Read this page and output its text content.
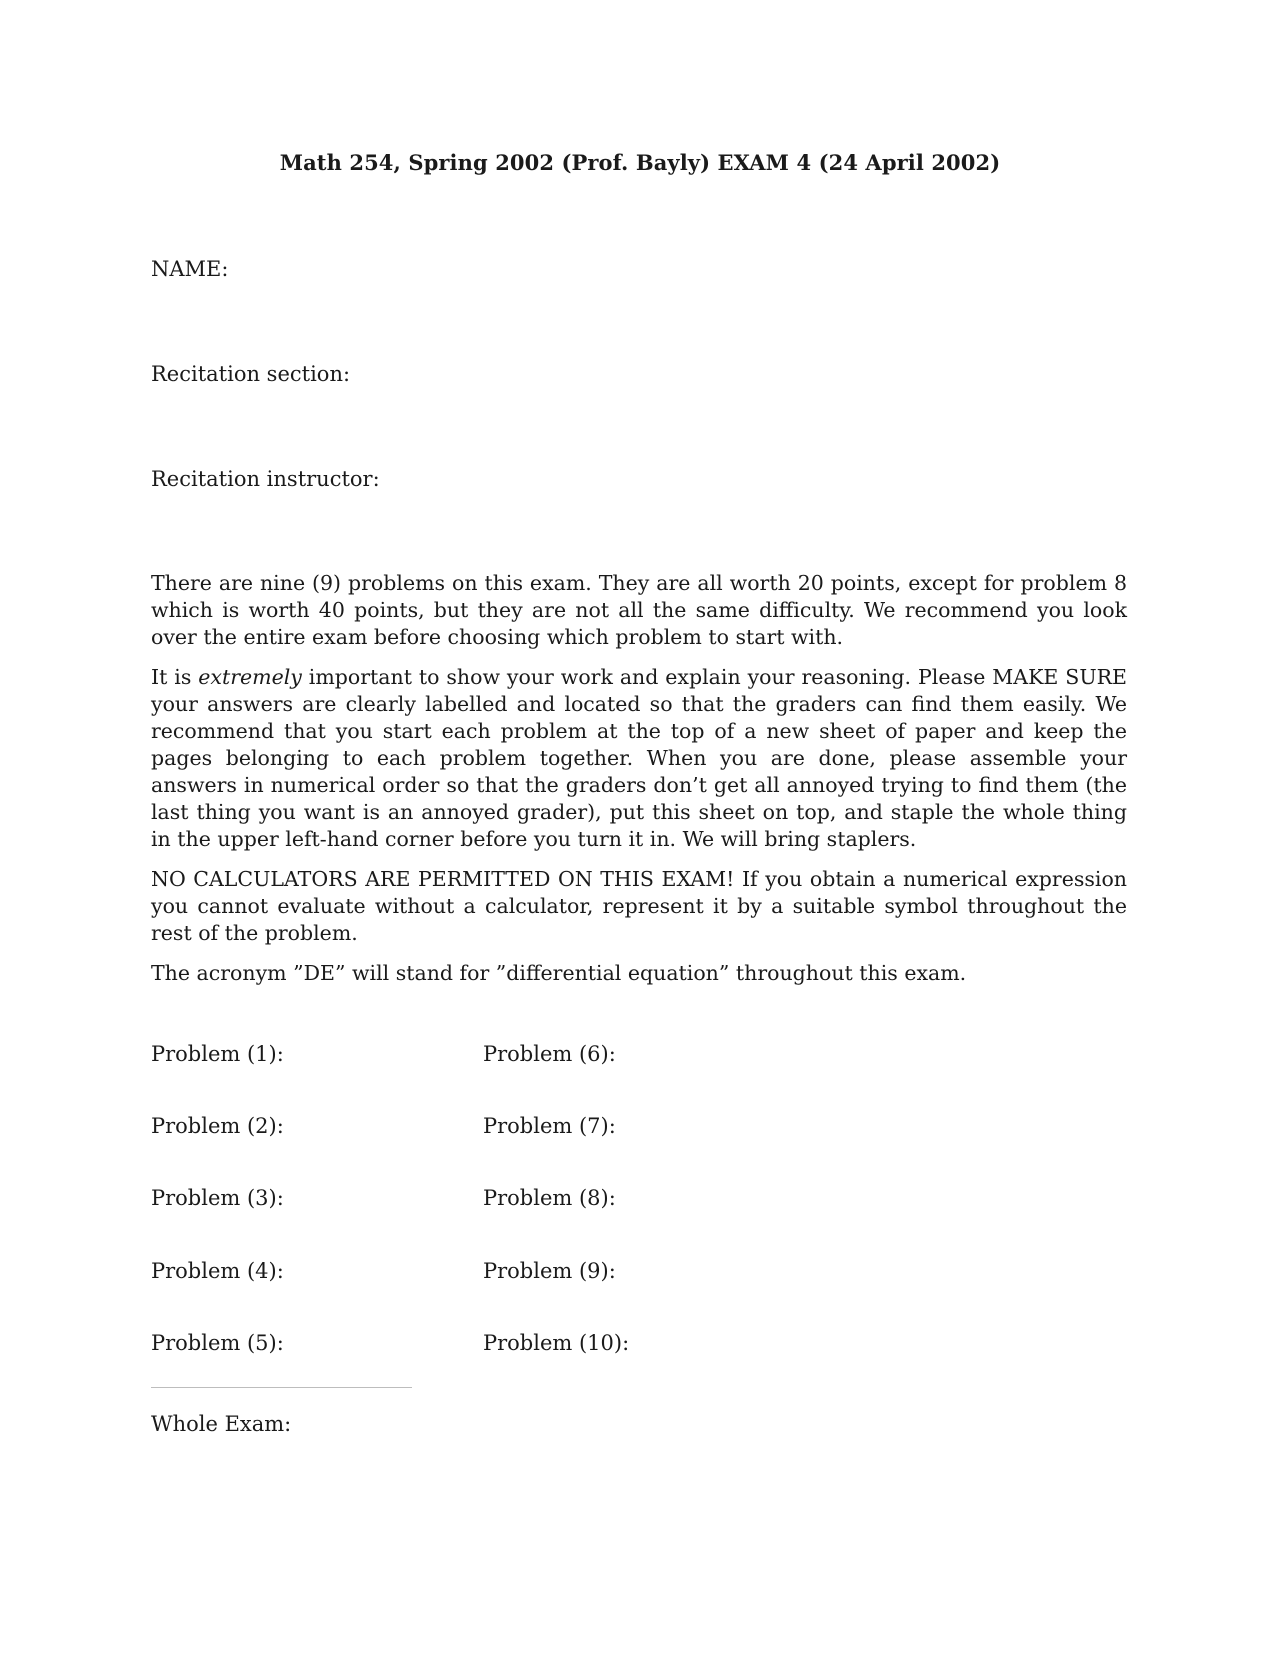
Math 254, Spring 2002 (Prof. Bayly) EXAM 4 (24 April 2002)
NAME:
Recitation section:
Recitation instructor:

There are nine (9) problems on this exam. They are all worth 20 points, except for problem 8 which is worth 40 points, but they are not all the same difficulty. We recommend you look over the entire exam before choosing which problem to start with.

It is extremely important to show your work and explain your reasoning. Please MAKE SURE your answers are clearly labelled and located so that the graders can find them easily. We recommend that you start each problem at the top of a new sheet of paper and keep the pages belonging to each problem together. When you are done, please assemble your answers in numerical order so that the graders don’t get all annoyed trying to find them (the last thing you want is an annoyed grader), put this sheet on top, and staple the whole thing in the upper left-hand corner before you turn it in. We will bring staplers.

NO CALCULATORS ARE PERMITTED ON THIS EXAM! If you obtain a numerical expression you cannot evaluate without a calculator, represent it by a suitable symbol throughout the rest of the problem.

The acronym ”DE” will stand for ”differential equation” throughout this exam.

Problem (1):
Problem (2):
Problem (3):
Problem (4):
Problem (5):
Problem (6):
Problem (7):
Problem (8):
Problem (9):
Problem (10):
Whole Exam:
